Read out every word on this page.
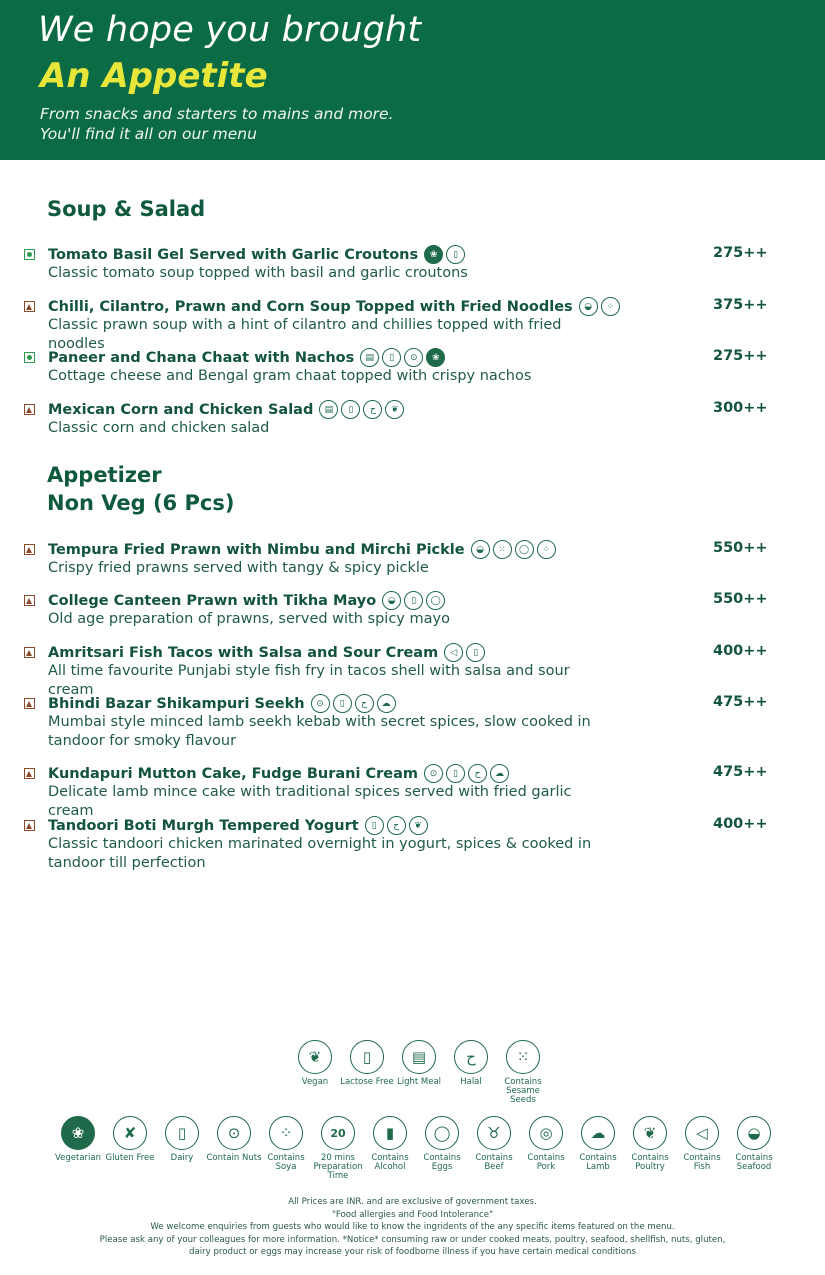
We hope you brought
An Appetite
From snacks and starters to mains and more.
You'll find it all on our menu
Soup & Salad
Tomato Basil Gel Served with Garlic Croutons	❀	▯
Classic tomato soup topped with basil and garlic croutons
275++
Chilli, Cilantro, Prawn and Corn Soup Topped with Fried Noodles	◒	⁘
Classic prawn soup with a hint of cilantro and chillies topped with fried noodles
375++
Paneer and Chana Chaat with Nachos	▤	▯	⊙	❀
Cottage cheese and Bengal gram chaat topped with crispy nachos
275++
Mexican Corn and Chicken Salad	▤	▯	ح	❦
Classic corn and chicken salad
300++
Appetizer
Non Veg (6 Pcs)
Tempura Fried Prawn with Nimbu and Mirchi Pickle	◒	⁙	◯	⁘
Crispy fried prawns served with tangy & spicy pickle
550++
College Canteen Prawn with Tikha Mayo	◒	▯	◯
Old age preparation of prawns, served with spicy mayo
550++
Amritsari Fish Tacos with Salsa and Sour Cream	◁	▯
All time favourite Punjabi style fish fry in tacos shell with salsa and sour cream
400++
Bhindi Bazar Shikampuri Seekh	⊙	▯	ح	☁
Mumbai style minced lamb seekh kebab with secret spices, slow cooked in tandoor for smoky flavour
475++
Kundapuri Mutton Cake, Fudge Burani Cream	⊙	▯	ح	☁
Delicate lamb mince cake with traditional spices served with fried garlic cream
475++
Tandoori Boti Murgh Tempered Yogurt	▯	ح	❦
Classic tandoori chicken marinated overnight in yogurt, spices & cooked in tandoor till perfection
400++
❦
Vegan
▯
Lactose Free
▤
Light Meal
ح
Halal
⁙
Contains Sesame Seeds
❀
Vegetarian
✘
Gluten Free
▯
Dairy
⊙
Contain Nuts
⁘
Contains Soya
20
20 mins Preparation Time
▮
Contains Alcohol
◯
Contains Eggs
♉
Contains Beef
◎
Contains Pork
☁
Contains Lamb
❦
Contains Poultry
◁
Contains Fish
◒
Contains Seafood
All Prices are INR. and are exclusive of government taxes.
"Food allergies and Food Intolerance"
We welcome enquiries from guests who would like to know the ingridents of the any specific items featured on the menu.
Please ask any of your colleagues for more information. *Notice* consuming raw or under cooked meats, poultry, seafood, shellfish, nuts, gluten,
dairy product or eggs may increase your risk of foodborne illness if you have certain medical conditions
